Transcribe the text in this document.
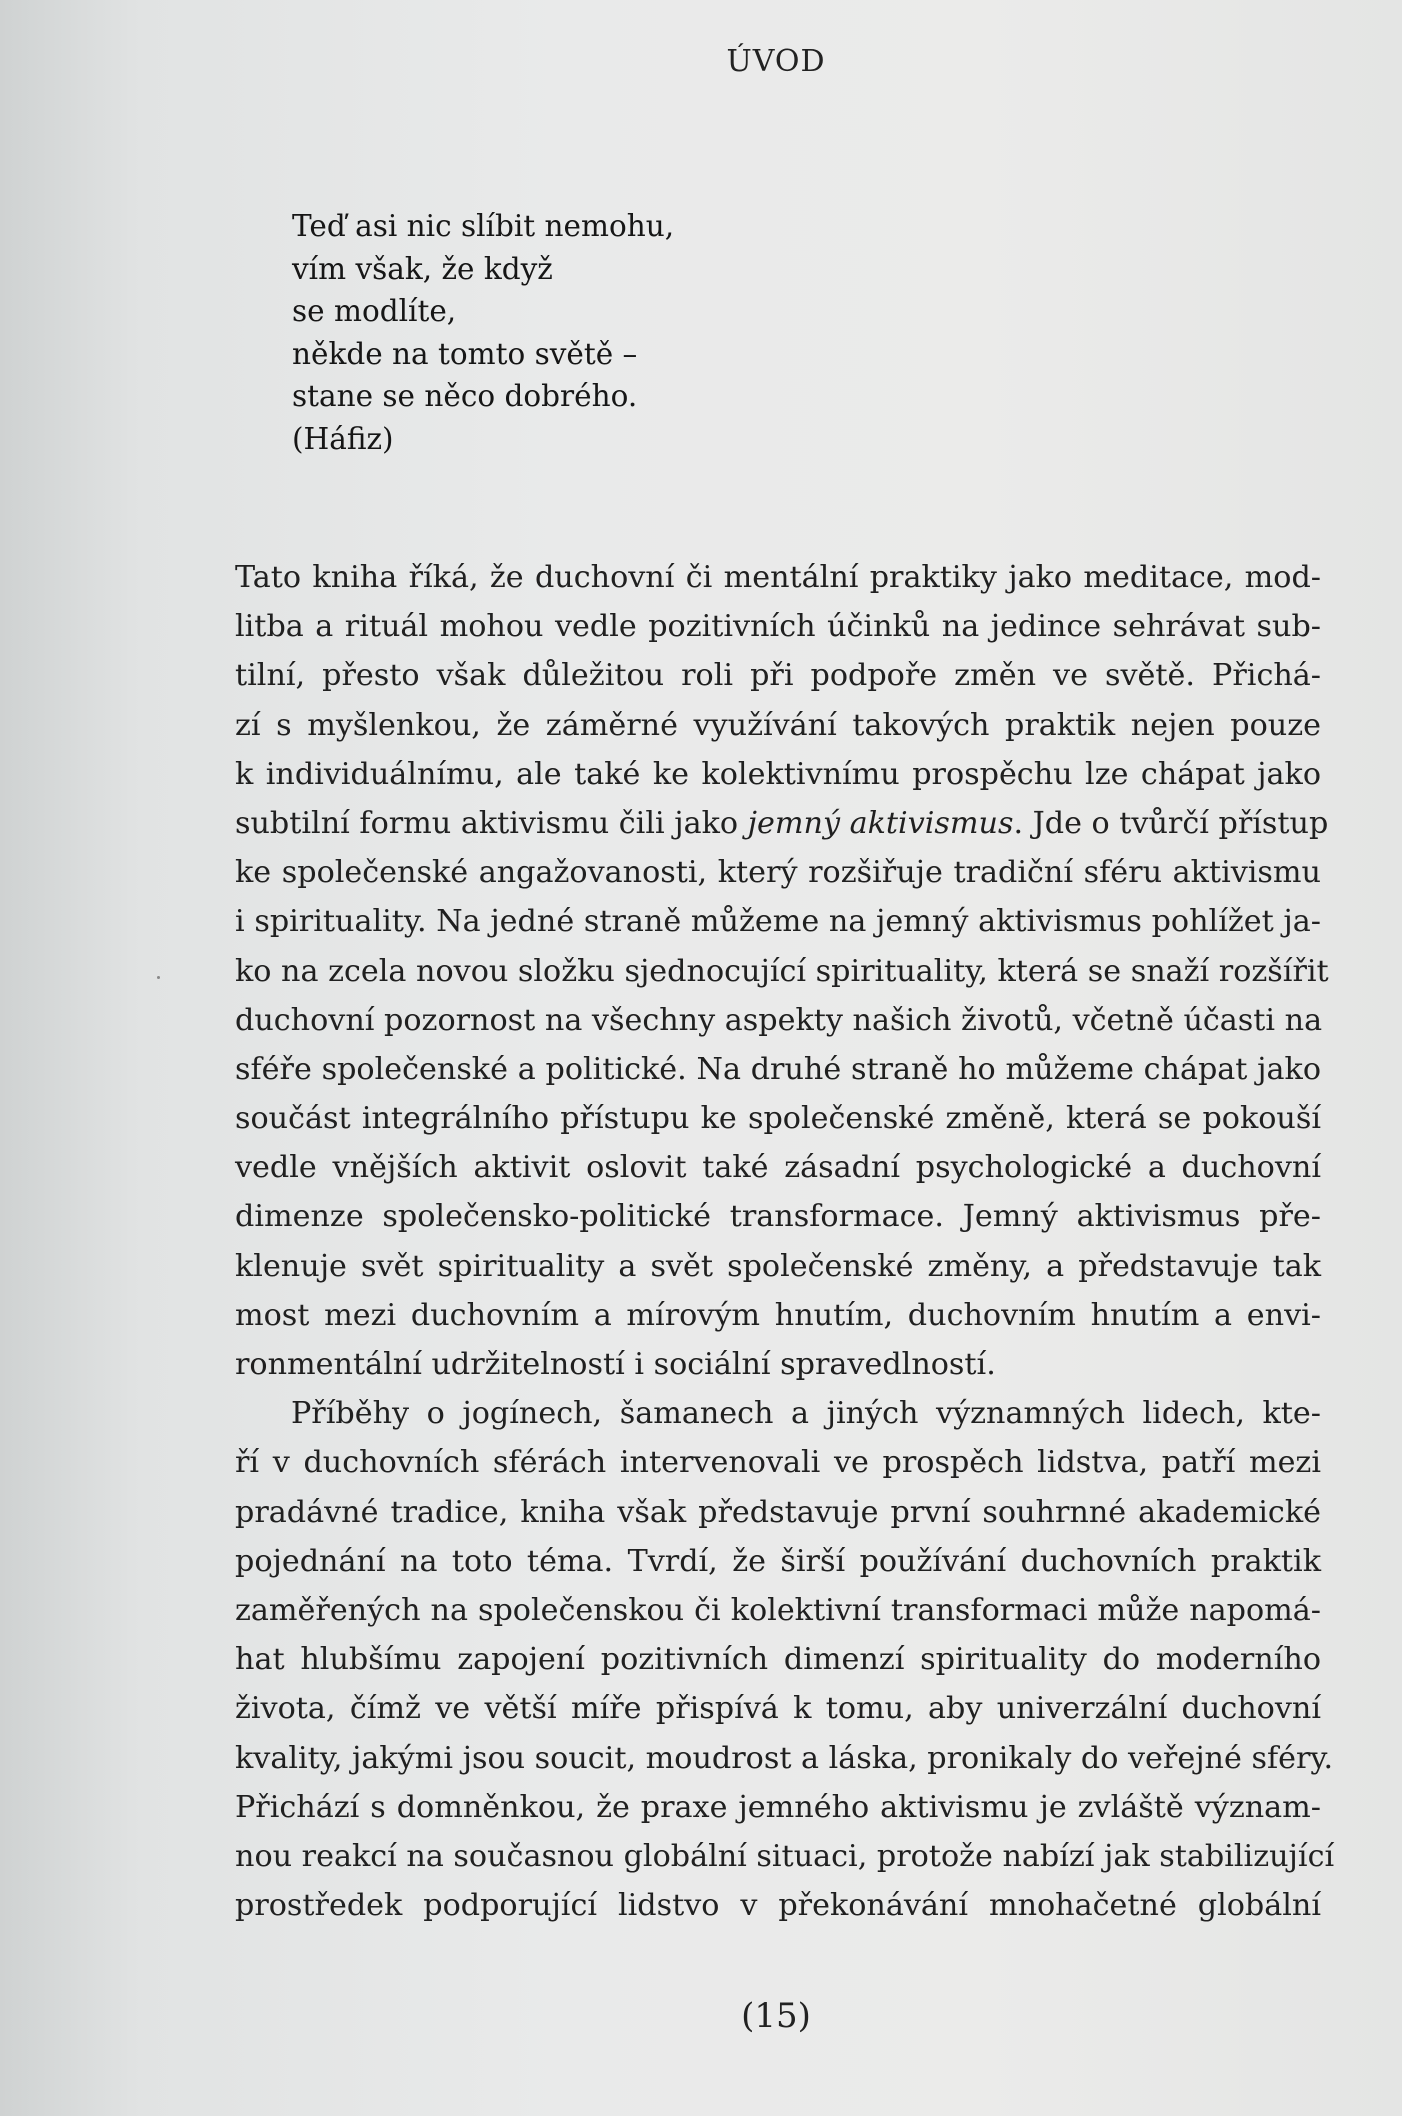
ÚVOD
Teď asi nic slíbit nemohu,
vím však, že když
se modlíte,
někde na tomto světě –
stane se něco dobrého.
(Háfiz)
Tato kniha říká, že duchovní či mentální praktiky jako meditace, mod-
litba a rituál mohou vedle pozitivních účinků na jedince sehrávat sub-
tilní, přesto však důležitou roli při podpoře změn ve světě. Přichá-
zí s myšlenkou, že záměrné využívání takových praktik nejen pouze
k individuálnímu, ale také ke kolektivnímu prospěchu lze chápat jako
subtilní formu aktivismu čili jako jemný aktivismus. Jde o tvůrčí přístup
ke společenské angažovanosti, který rozšiřuje tradiční sféru aktivismu
i spirituality. Na jedné straně můžeme na jemný aktivismus pohlížet ja-
ko na zcela novou složku sjednocující spirituality, která se snaží rozšířit
duchovní pozornost na všechny aspekty našich životů, včetně účasti na
sféře společenské a politické. Na druhé straně ho můžeme chápat jako
součást integrálního přístupu ke společenské změně, která se pokouší
vedle vnějších aktivit oslovit také zásadní psychologické a duchovní
dimenze společensko-politické transformace. Jemný aktivismus pře-
klenuje svět spirituality a svět společenské změny, a představuje tak
most mezi duchovním a mírovým hnutím, duchovním hnutím a envi-
ronmentální udržitelností i sociální spravedlností.
Příběhy o jogínech, šamanech a jiných významných lidech, kte-
ří v duchovních sférách intervenovali ve prospěch lidstva, patří mezi
pradávné tradice, kniha však představuje první souhrnné akademické
pojednání na toto téma. Tvrdí, že širší používání duchovních praktik
zaměřených na společenskou či kolektivní transformaci může napomá-
hat hlubšímu zapojení pozitivních dimenzí spirituality do moderního
života, čímž ve větší míře přispívá k tomu, aby univerzální duchovní
kvality, jakými jsou soucit, moudrost a láska, pronikaly do veřejné sféry.
Přichází s domněnkou, že praxe jemného aktivismu je zvláště význam-
nou reakcí na současnou globální situaci, protože nabízí jak stabilizující
prostředek podporující lidstvo v překonávání mnohačetné globální
(15)
